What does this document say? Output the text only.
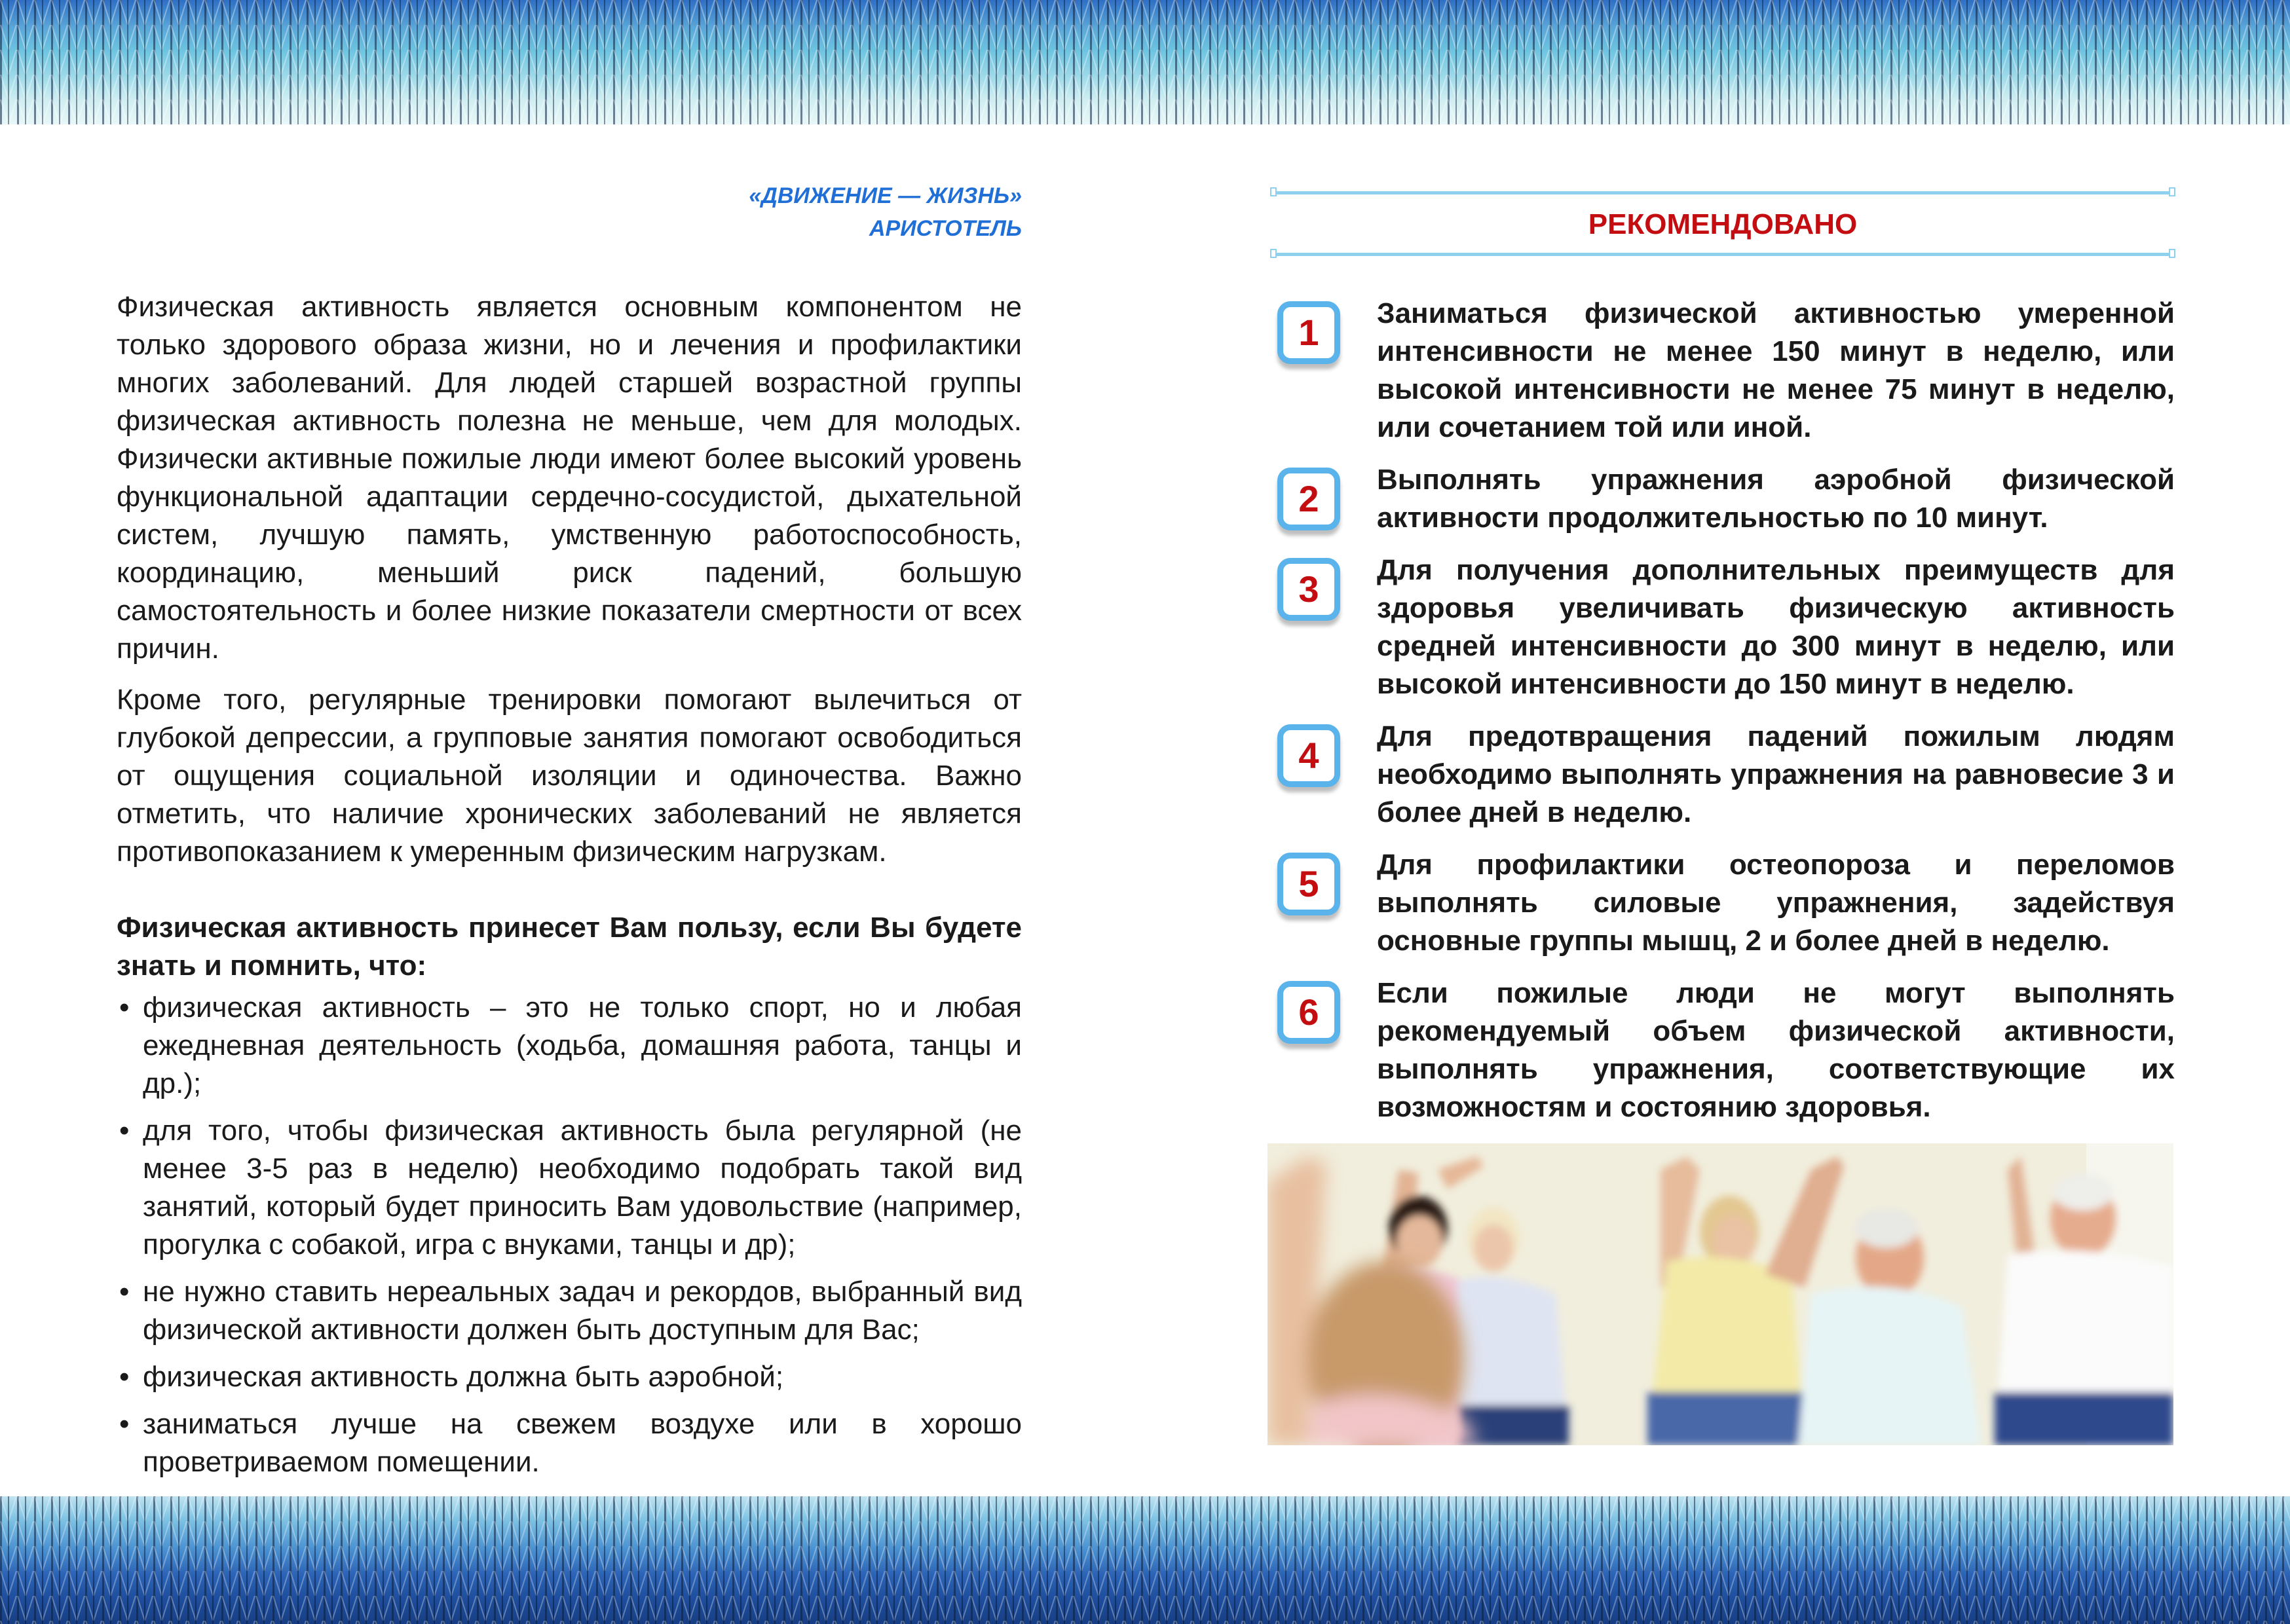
«ДВИЖЕНИЕ — ЖИЗНЬ»
АРИСТОТЕЛЬ

Физическая активность является основным компонентом не только здорового образа жизни, но и лечения и профилактики многих заболеваний. Для людей старшей возрастной группы физическая активность полезна не меньше, чем для молодых. Физически активные пожилые люди имеют более высокий уровень функциональной адаптации сердечно-сосудистой, дыхательной систем, лучшую память, умственную работоспособность, координацию, меньший риск падений, большую самостоятельность и более низкие показатели смертности от всех причин.

Кроме того, регулярные тренировки помогают вылечиться от глубокой депрессии, а групповые занятия помогают освободиться от ощущения социальной изоляции и одиночества. Важно отметить, что наличие хронических заболеваний не является противопоказанием к умеренным физическим нагрузкам.

Физическая активность принесет Вам пользу, если Вы будете знать и помнить, что:

• физическая активность – это не только спорт, но и любая ежедневная деятельность (ходьба, домашняя работа, танцы и др.);
• для того, чтобы физическая активность была регулярной (не менее 3-5 раз в неделю) необходимо подобрать такой вид занятий, который будет приносить Вам удовольствие (например, прогулка с собакой, игра с внуками, танцы и др);
• не нужно ставить нереальных задач и рекордов, выбранный вид физической активности должен быть доступным для Вас;
• физическая активность должна быть аэробной;
• заниматься лучше на свежем воздухе или в хорошо проветриваемом помещении.
РЕКОМЕНДОВАНО
1	Заниматься физической активностью умеренной интенсивности не менее 150 минут в неделю, или высокой интенсивности не менее 75 минут в неделю, или сочетанием той или иной.
2	Выполнять упражнения аэробной физической активности продолжительностью по 10 минут.
3	Для получения дополнительных преимуществ для здоровья увеличивать физическую активность средней интенсивности до 300 минут в неделю, или высокой интенсивности до 150 минут в неделю.
4	Для предотвращения падений пожилым людям необходимо выполнять упражнения на равновесие 3 и более дней в неделю.
5	Для профилактики остеопороза и переломов выполнять силовые упражнения, задействуя основные группы мышц, 2 и более дней в неделю.
6	Если пожилые люди не могут выполнять рекомендуемый объем физической активности, выполнять упражнения, соответствующие их возможностям и состоянию здоровья.
